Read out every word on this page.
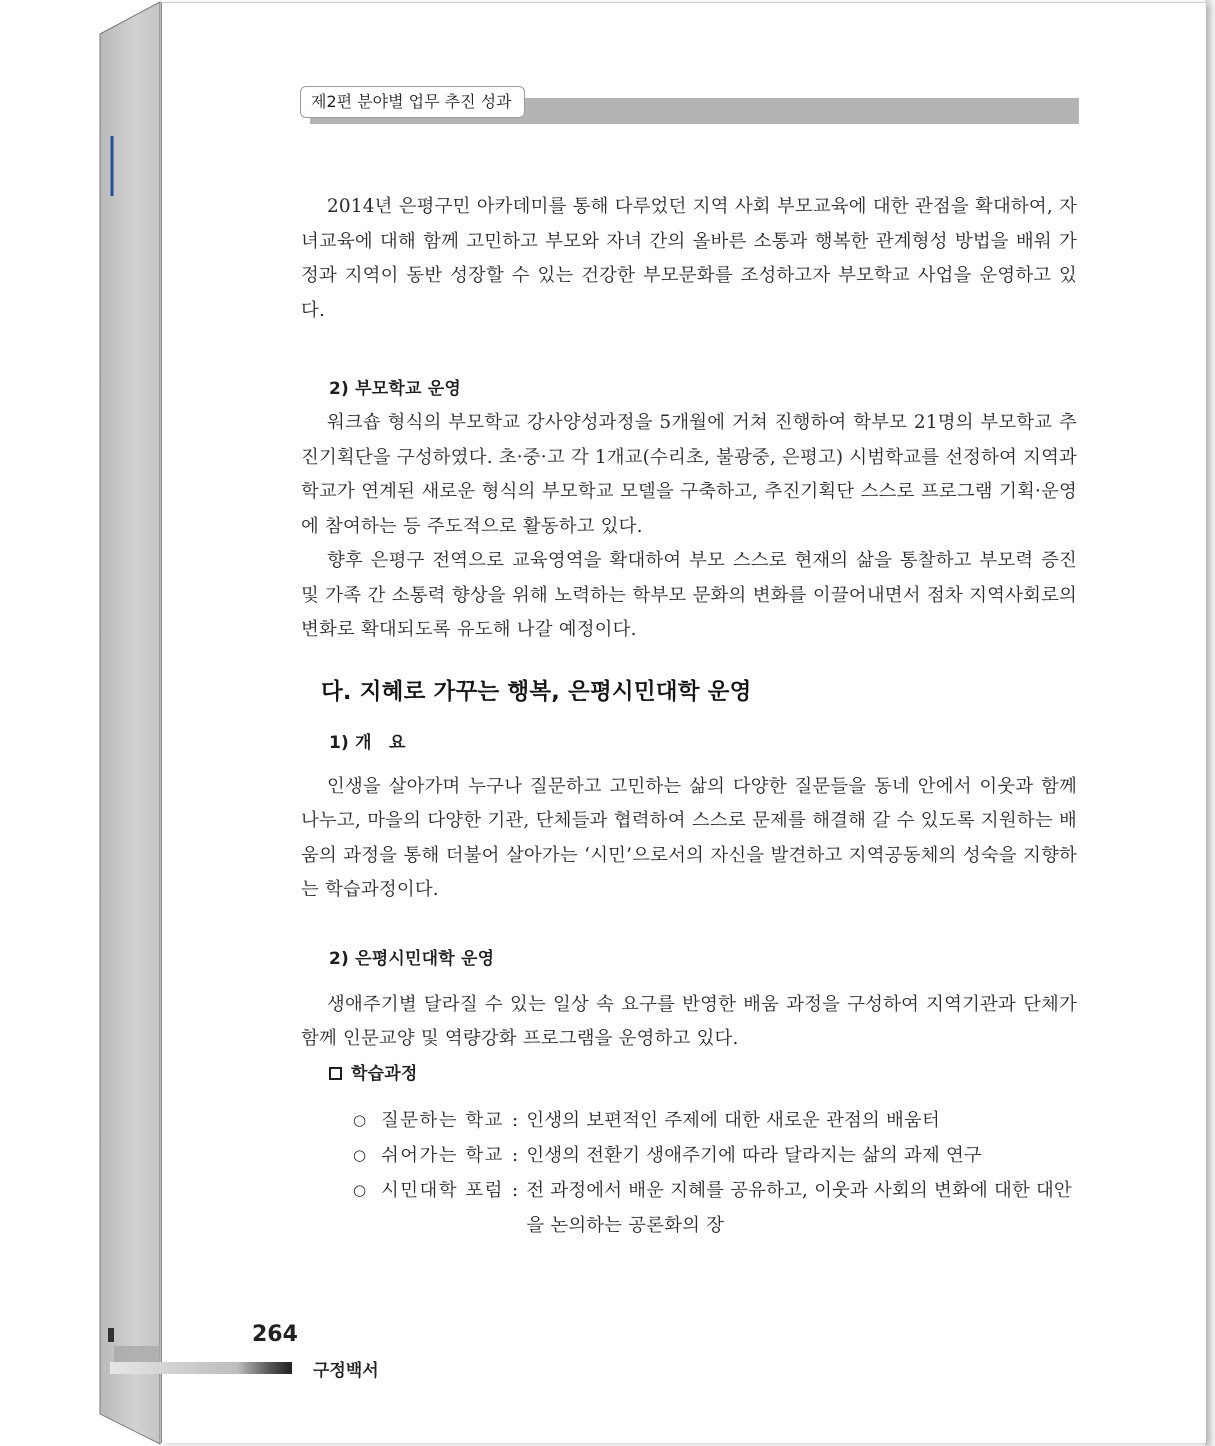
제2편 분야별 업무 추진 성과

2014년 은평구민 아카데미를 통해 다루었던 지역 사회 부모교육에 대한 관점을 확대하여, 자녀교육에 대해 함께 고민하고 부모와 자녀 간의 올바른 소통과 행복한 관계형성 방법을 배워 가정과 지역이 동반 성장할 수 있는 건강한 부모문화를 조성하고자 부모학교 사업을 운영하고 있다.

2) 부모학교 운영

워크숍 형식의 부모학교 강사양성과정을 5개월에 거쳐 진행하여 학부모 21명의 부모학교 추진기획단을 구성하였다. 초·중·고 각 1개교(수리초, 불광중, 은평고) 시범학교를 선정하여 지역과 학교가 연계된 새로운 형식의 부모학교 모델을 구축하고, 추진기획단 스스로 프로그램 기획·운영에 참여하는 등 주도적으로 활동하고 있다.

향후 은평구 전역으로 교육영역을 확대하여 부모 스스로 현재의 삶을 통찰하고 부모력 증진 및 가족 간 소통력 향상을 위해 노력하는 학부모 문화의 변화를 이끌어내면서 점차 지역사회로의 변화로 확대되도록 유도해 나갈 예정이다.

다. 지혜로 가꾸는 행복, 은평시민대학 운영
1) 개　요

인생을 살아가며 누구나 질문하고 고민하는 삶의 다양한 질문들을 동네 안에서 이웃과 함께 나누고, 마을의 다양한 기관, 단체들과 협력하여 스스로 문제를 해결해 갈 수 있도록 지원하는 배움의 과정을 통해 더불어 살아가는 ‘시민’으로서의 자신을 발견하고 지역공동체의 성숙을 지향하는 학습과정이다.

2) 은평시민대학 운영

생애주기별 달라질 수 있는 일상 속 요구를 반영한 배움 과정을 구성하여 지역기관과 단체가 함께 인문교양 및 역량강화 프로그램을 운영하고 있다.

학습과정
○ 질문하는 학교 : 인생의 보편적인 주제에 대한 새로운 관점의 배움터
○ 쉬어가는 학교 : 인생의 전환기 생애주기에 따라 달라지는 삶의 과제 연구
○ 시민대학 포럼 : 전 과정에서 배운 지혜를 공유하고, 이웃과 사회의 변화에 대한 대안을 논의하는 공론화의 장
264
구정백서
